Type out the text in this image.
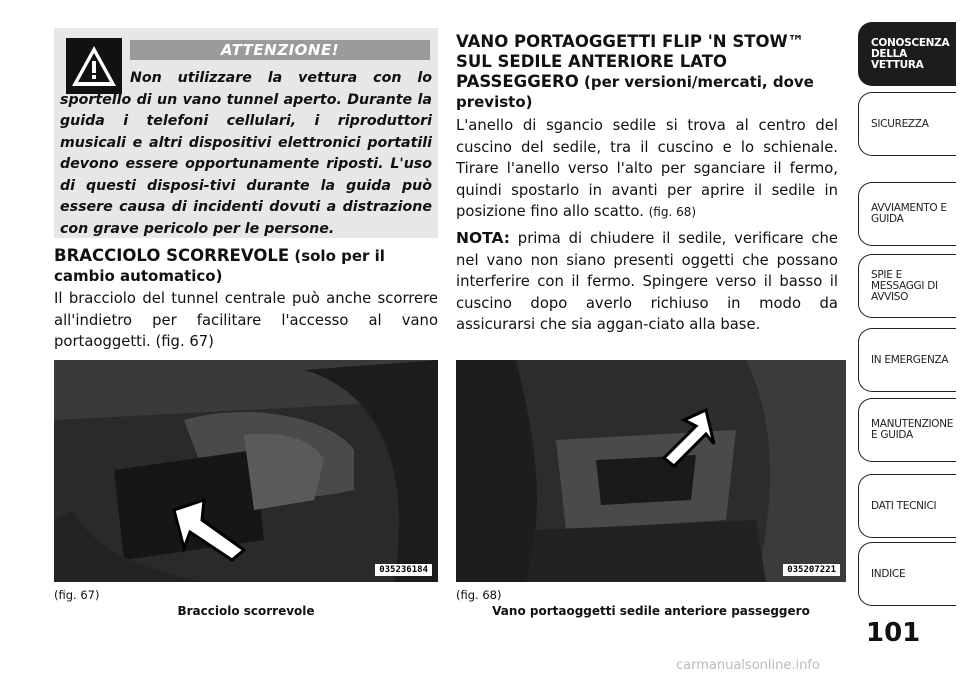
ATTENZIONE!
Non utilizzare la vettura con lo sportello di un vano tunnel aperto. Durante la guida i telefoni cellulari, i riproduttori musicali e altri dispositivi elettronici portatili devono essere opportunamente riposti. L'uso di questi disposi-tivi durante la guida può essere causa di incidenti dovuti a distrazione con grave pericolo per le persone.
BRACCIOLO SCORREVOLE (solo per il cambio automatico)

Il bracciolo del tunnel centrale può anche scorrere all'indietro per facilitare l'accesso al vano portaoggetti. (fig. 67)

VANO PORTAOGGETTI FLIP 'N STOW™ SUL SEDILE ANTERIORE LATO PASSEGGERO (per versioni/mercati, dove previsto)

L'anello di sgancio sedile si trova al centro del cuscino del sedile, tra il cuscino e lo schienale. Tirare l'anello verso l'alto per sganciare il fermo, quindi spostarlo in avanti per aprire il sedile in posizione fino allo scatto. (fig. 68)

NOTA: prima di chiudere il sedile, verificare che nel vano non siano presenti oggetti che possano interferire con il fermo. Spingere verso il basso il cuscino dopo averlo richiuso in modo da assicurarsi che sia aggan-ciato alla base.

035236184
(fig. 67)
Bracciolo scorrevole
035207221
(fig. 68)
Vano portaoggetti sedile anteriore passeggero
CONOSCENZA DELLA VETTURA
SICUREZZA
AVVIAMENTO E GUIDA
SPIE E MESSAGGI DI AVVISO
IN EMERGENZA
MANUTENZIONE E GUIDA
DATI TECNICI
INDICE
101
carmanualsonline.info
